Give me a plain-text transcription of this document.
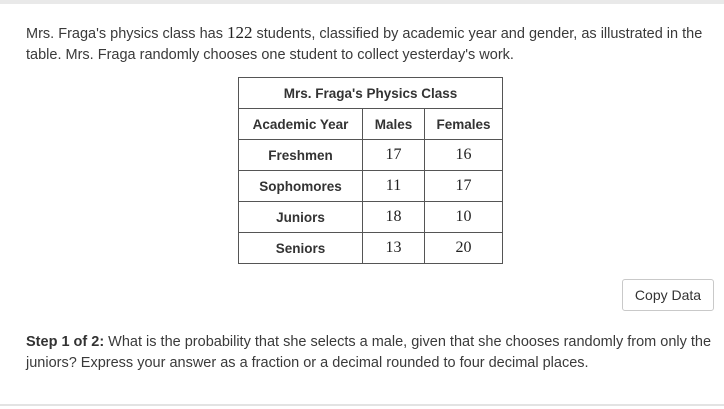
Mrs. Fraga's physics class has 122 students, classified by academic year and gender, as illustrated in the table. Mrs. Fraga randomly chooses one student to collect yesterday's work.
Mrs. Fraga's Physics Class		
Academic Year	Males	Females
Freshmen	17	16
Sophomores	11	17
Juniors	18	10
Seniors	13	20
Copy Data
Step 1 of 2: What is the probability that she selects a male, given that she chooses randomly from only the juniors? Express your answer as a fraction or a decimal rounded to four decimal places.
